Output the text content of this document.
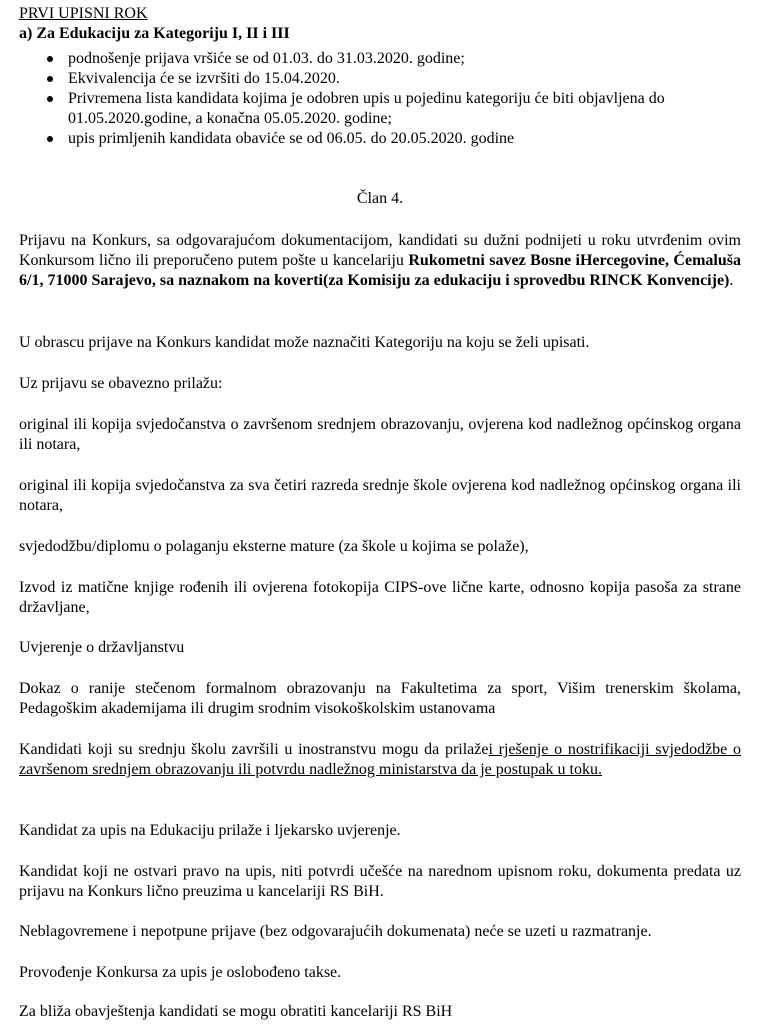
PRVI UPISNI ROK

a) Za Edukaciju za Kategoriju I, II i III

podnošenje prijava vršiće se od 01.03. do 31.03.2020. godine;
Ekvivalencija će se izvršiti do 15.04.2020.
Privremena lista kandidata kojima je odobren upis u pojedinu kategoriju će biti objavljena do 01.05.2020.godine, a konačna 05.05.2020. godine;
upis primljenih kandidata obaviće se od 06.05. do 20.05.2020. godine

Član 4.

Prijavu na Konkurs, sa odgovarajućom dokumentacijom, kandidati su dužni podnijeti u roku utvrđenim ovim Konkursom lično ili preporučeno putem pošte u kancelariju Rukometni savez Bosne iHercegovine, Ćemaluša 6/1, 71000 Sarajevo, sa naznakom na koverti(za Komisiju za edukaciju i sprovedbu RINCK Konvencije).

U obrascu prijave na Konkurs kandidat može naznačiti Kategoriju na koju se želi upisati.

Uz prijavu se obavezno prilažu:

original ili kopija svjedočanstva o završenom srednjem obrazovanju, ovjerena kod nadležnog općinskog organa ili notara,

original ili kopija svjedočanstva za sva četiri razreda srednje škole ovjerena kod nadležnog općinskog organa ili notara,

svjedodžbu/diplomu o polaganju eksterne mature (za škole u kojima se polaže),

Izvod iz matične knjige rođenih ili ovjerena fotokopija CIPS-ove lične karte, odnosno kopija pasoša za strane državljane,

Uvjerenje o državljanstvu

Dokaz o ranije stečenom formalnom obrazovanju na Fakultetima za sport, Višim trenerskim školama, Pedagoškim akademijama ili drugim srodnim visokoškolskim ustanovama

Kandidati koji su srednju školu završili u inostranstvu mogu da prilažei rješenje o nostrifikaciji svjedodžbe o završenom srednjem obrazovanju ili potvrdu nadležnog ministarstva da je postupak u toku.

Kandidat za upis na Edukaciju prilaže i ljekarsko uvjerenje.

Kandidat koji ne ostvari pravo na upis, niti potvrdi učešće na narednom upisnom roku, dokumenta predata uz prijavu na Konkurs lično preuzima u kancelariji RS BiH.

Neblagovremene i nepotpune prijave (bez odgovarajućih dokumenata) neće se uzeti u razmatranje.

Provođenje Konkursa za upis je oslobođeno takse.

Za bliža obavještenja kandidati se mogu obratiti kancelariji RS BiH
